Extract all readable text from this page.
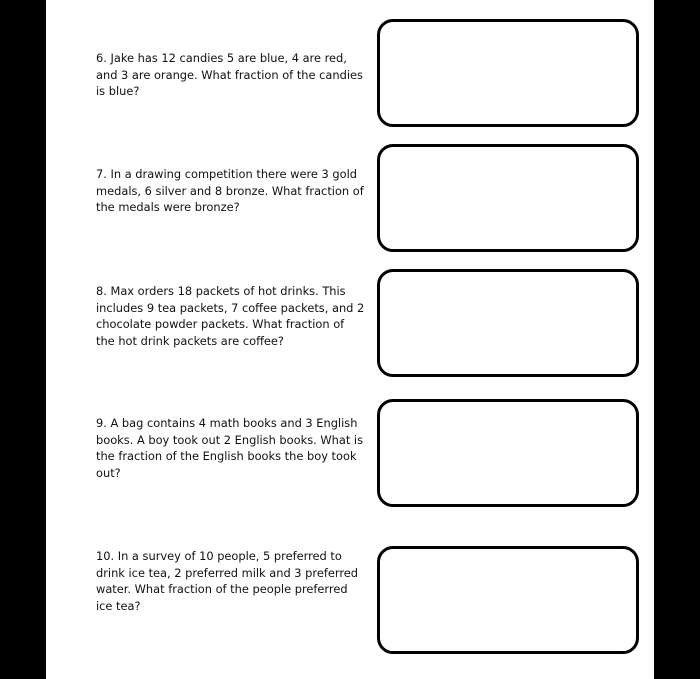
6. Jake has 12 candies 5 are blue, 4 are red, and 3 are orange. What fraction of the candies is blue?
7. In a drawing competition there were 3 gold medals, 6 silver and 8 bronze. What fraction of the medals were bronze?
8. Max orders 18 packets of hot drinks. This includes 9 tea packets, 7 coffee packets, and 2 chocolate powder packets. What fraction of the hot drink packets are coffee?
9. A bag contains 4 math books and 3 English books. A boy took out 2 English books. What is the fraction of the English books the boy took out?
10. In a survey of 10 people, 5 preferred to drink ice tea, 2 preferred milk and 3 preferred water. What fraction of the people preferred ice tea?
